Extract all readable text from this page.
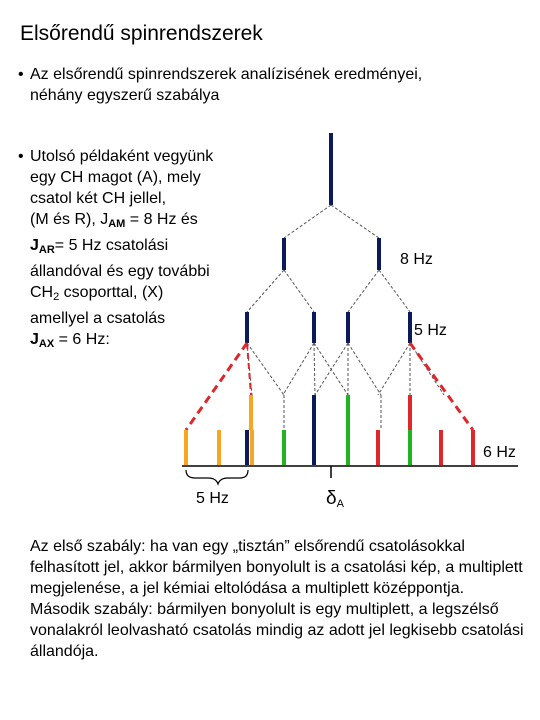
Elsőrendű spinrendszerek
• Az elsőrendű spinrendszerek analízisének eredményei,
néhány egyszerű szabálya
• Utolsó példaként vegyünk
egy CH magot (A), mely
csatol két CH jellel,
(M és R), $J_{AM} = 8$ Hz és
$J_{AR}= 5$ Hz csatolási
állandóval és egy további
$CH_2$ csoporttal, (X)
amellyel a csatolás
$J_{AX} = 6$ Hz:
8 Hz
5 Hz
6 Hz
5 Hz	δA
Az első szabály: ha van egy „tisztán” elsőrendű csatolásokkal felhasított jel, akkor bármilyen bonyolult is a csatolási kép, a multiplett megjelenése, a jel kémiai eltolódása a multiplett középpontja.
Második szabály: bármilyen bonyolult is egy multiplett, a legszélső vonalakról leolvasható csatolás mindig az adott jel legkisebb csatolási állandója.
